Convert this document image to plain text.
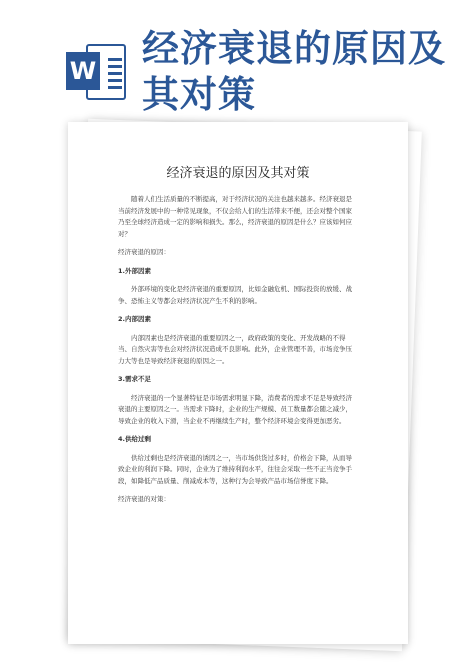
W
经济衰退的原因及其对策
经济衰退的原因及其对策

随着人们生活质量的不断提高，对于经济状况的关注也越来越多。经济衰退是当前经济发展中的一种常见现象，不仅会给人们的生活带来不便，还会对整个国家乃至全球经济造成一定的影响和损失。那么，经济衰退的原因是什么？应该如何应对？

经济衰退的原因：

1.外部因素

外部环境的变化是经济衰退的重要原因，比如金融危机、国际投资的放缓、战争、恐怖主义等都会对经济状况产生不利的影响。

2.内部因素

内部因素也是经济衰退的重要原因之一，政府政策的变化、开发战略的不得当、自然灾害等也会对经济状况造成不良影响。此外，企业管理不善，市场竞争压力大等也是导致经济衰退的原因之一。

3.需求不足

经济衰退的一个显著特征是市场需求明显下降，消费者的需求不足是导致经济衰退的主要原因之一。当需求下降时，企业的生产规模、员工数量都会随之减少，导致企业的收入下滑，当企业不再继续生产时，整个经济环境会变得更加恶劣。

4.供给过剩

供给过剩也是经济衰退的诱因之一，当市场供货过多时，价格会下降，从而导致企业的利润下降。同时，企业为了维持利润水平，往往会采取一些不正当竞争手段，如降低产品质量、削减成本等，这种行为会导致产品市场信誉度下降。

经济衰退的对策：
